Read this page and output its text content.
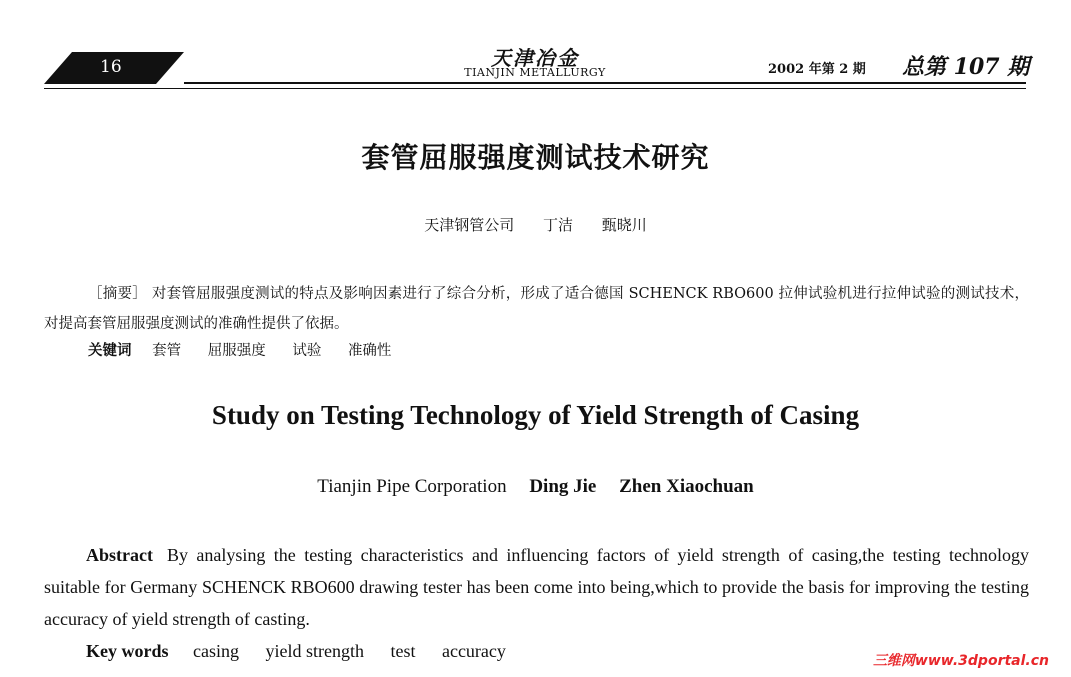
16	天津冶金
TIANJIN METALLURGY	2002 年第 2 期 总第 107 期
套管屈服强度测试技术研究
天津钢管公司 丁洁 甄晓川
［摘要］ 对套管屈服强度测试的特点及影响因素进行了综合分析，形成了适合德国 SCHENCK RBO600 拉伸试验机进行拉伸试验的测试技术，对提高套管屈服强度测试的准确性提供了依据。
关键词 套管 屈服强度 试验 准确性
Study on Testing Technology of Yield Strength of Casing
Tianjin Pipe Corporation Ding Jie Zhen Xiaochuan
Abstract By analysing the testing characteristics and influencing factors of yield strength of casing,the testing technology suitable for Germany SCHENCK RBO600 drawing tester has been come into being,which to provide the basis for improving the testing accuracy of yield strength of casting.
Key words casing yield strength test accuracy	三维网www.3dportal.cn
